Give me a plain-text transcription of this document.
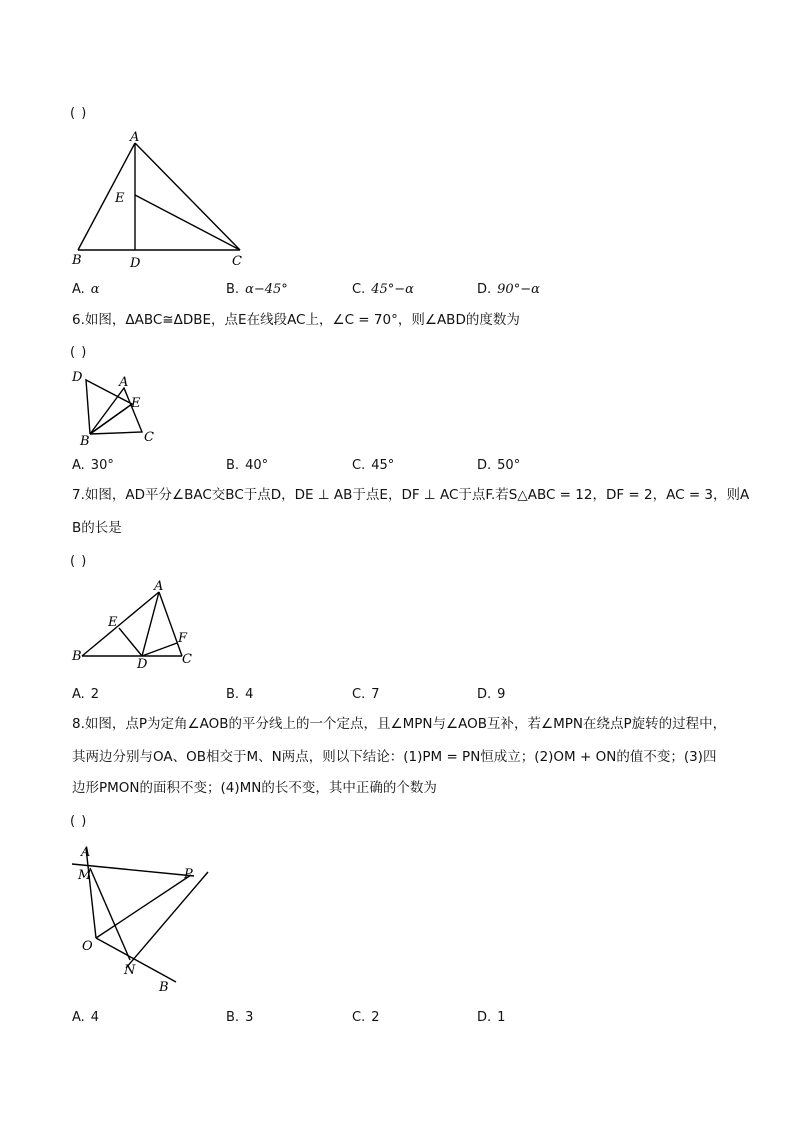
( )
A
E
B	D	C
A. α	B. α−45°	C. 45°−α	D. 90°−α
6.如图，ΔABC≅ΔDBE，点E在线段AC上，∠C = 70°，则∠ABD的度数为
( )
D	A
E
B	C
A. 30°	B. 40°	C. 45°	D. 50°
7.如图，AD平分∠BAC交BC于点D，DE ⊥ AB于点E，DF ⊥ AC于点F.若S△ABC = 12，DF = 2，AC = 3，则A
B的长是
( )
A
E
F
B
D	C
A. 2	B. 4	C. 7	D. 9
8.如图，点P为定角∠AOB的平分线上的一个定点，且∠MPN与∠AOB互补，若∠MPN在绕点P旋转的过程中，
其两边分别与OA、OB相交于M、N两点，则以下结论：(1)PM = PN恒成立；(2)OM + ON的值不变；(3)四
边形PMON的面积不变；(4)MN的长不变，其中正确的个数为
( )
A
M	P
O
N
B
A. 4	B. 3	C. 2	D. 1
